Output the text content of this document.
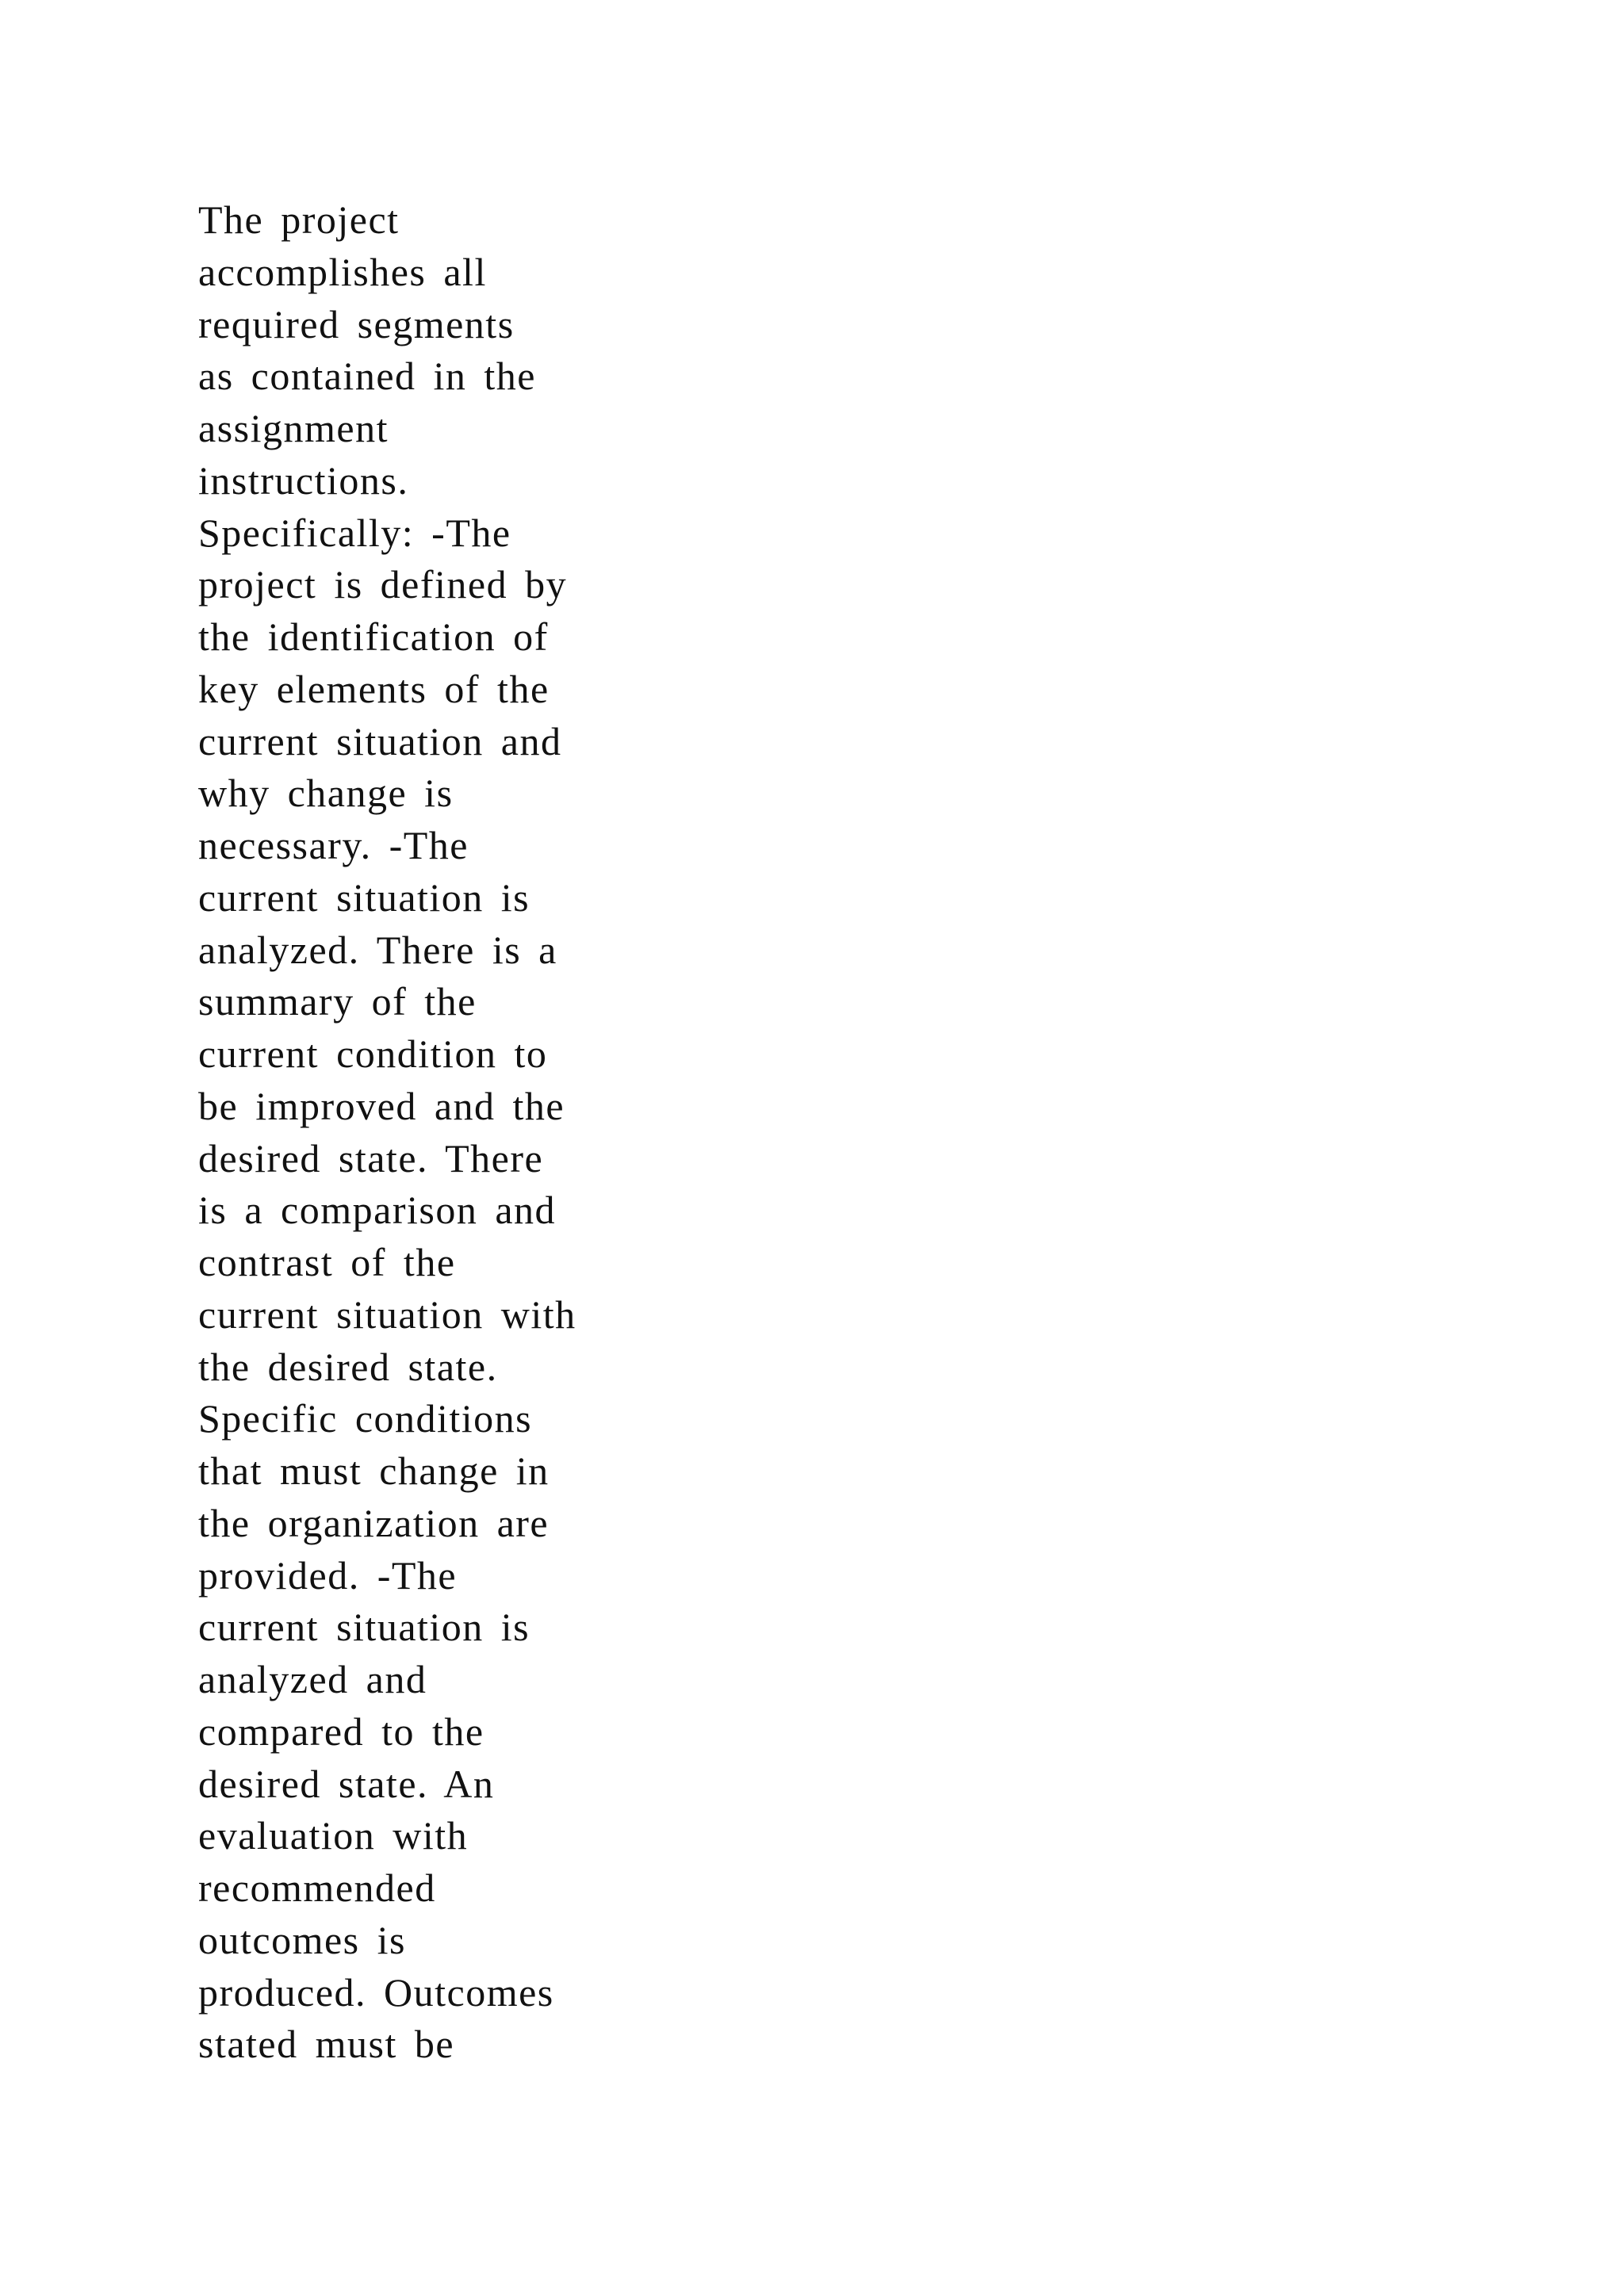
The project
accomplishes all
required segments
as contained in the
assignment
instructions.
Specifically: -The
project is defined by
the identification of
key elements of the
current situation and
why change is
necessary. -The
current situation is
analyzed. There is a
summary of the
current condition to
be improved and the
desired state. There
is a comparison and
contrast of the
current situation with
the desired state.
Specific conditions
that must change in
the organization are
provided. -The
current situation is
analyzed and
compared to the
desired state. An
evaluation with
recommended
outcomes is
produced. Outcomes
stated must be
